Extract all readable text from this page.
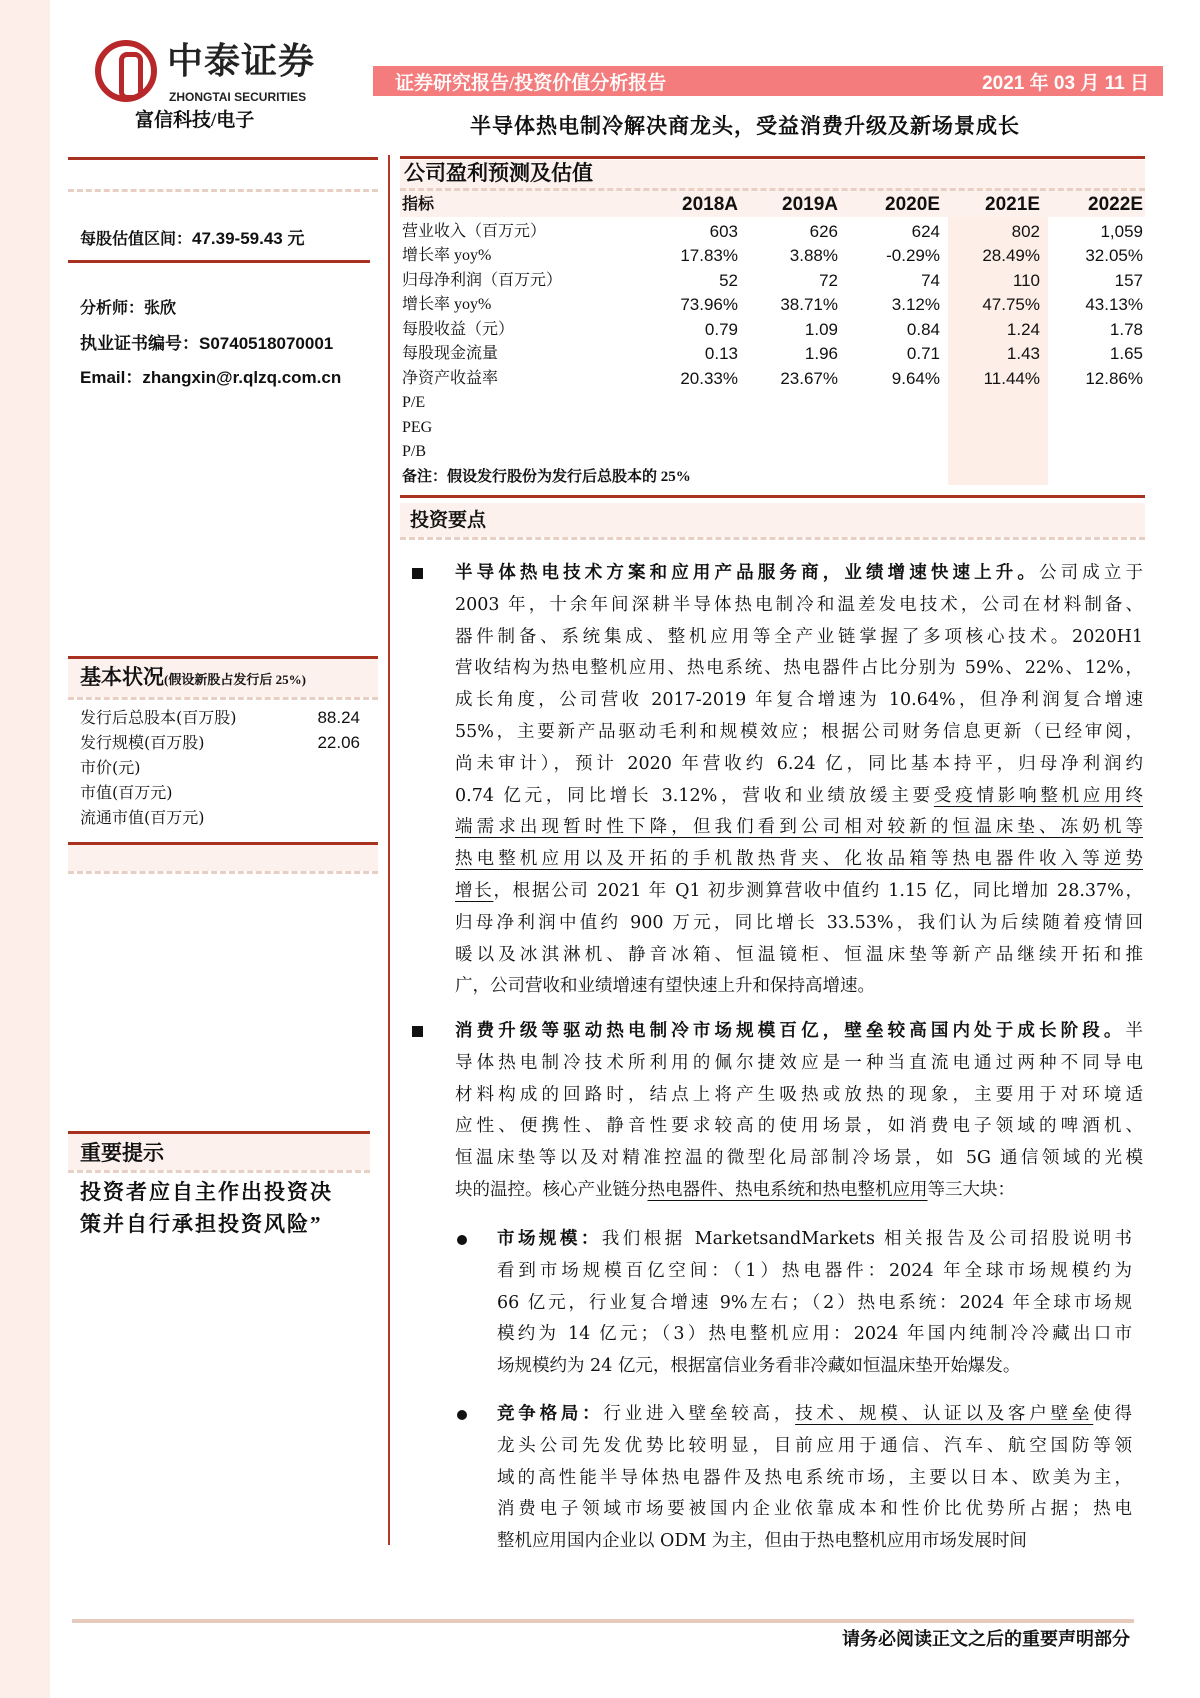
中泰证券
ZHONGTAI SECURITIES
证券研究报告/投资价值分析报告	2021 年 03 月 11 日
富信科技/电子	半导体热电制冷解决商龙头，受益消费升级及新场景成长
每股估值区间：47.39-59.43 元
分析师：张欣
执业证书编号：S0740518070001
Email：zhangxin@r.qlzq.com.cn
基本状况(假设新股占发行后 25%)
发行后总股本(百万股)	88.24
发行规模(百万股)	22.06
市价(元)
市值(百万元)
流通市值(百万元)
重要提示
投资者应自主作出投资决
策并自行承担投资风险”
公司盈利预测及估值
指标	2018A	2019A	2020E	2021E	2022E
营业收入（百万元）	603	626	624	802	1,059
增长率 yoy%	17.83%	3.88%	-0.29%	28.49%	32.05%
归母净利润（百万元）	52	72	74	110	157
增长率 yoy%	73.96%	38.71%	3.12%	47.75%	43.13%
每股收益（元）	0.79	1.09	0.84	1.24	1.78
每股现金流量	0.13	1.96	0.71	1.43	1.65
净资产收益率	20.33%	23.67%	9.64%	11.44%	12.86%
P/E
PEG
P/B
备注：假设发行股份为发行后总股本的 25%
投资要点
半导体热电技术方案和应用产品服务商，业绩增速快速上升。公司成立于
2003 年，十余年间深耕半导体热电制冷和温差发电技术，公司在材料制备、
器件制备、系统集成、整机应用等全产业链掌握了多项核心技术。2020H1
营收结构为热电整机应用、热电系统、热电器件占比分别为 59%、22%、12%，
成长角度，公司营收 2017-2019 年复合增速为 10.64%，但净利润复合增速
55%，主要新产品驱动毛利和规模效应；根据公司财务信息更新（已经审阅，
尚未审计），预计 2020 年营收约 6.24 亿，同比基本持平，归母净利润约
0.74 亿元，同比增长 3.12%，营收和业绩放缓主要受疫情影响整机应用终
端需求出现暂时性下降，但我们看到公司相对较新的恒温床垫、冻奶机等
热电整机应用以及开拓的手机散热背夹、化妆品箱等热电器件收入等逆势
增长，根据公司 2021 年 Q1 初步测算营收中值约 1.15 亿，同比增加 28.37%，
归母净利润中值约 900 万元，同比增长 33.53%，我们认为后续随着疫情回
暖以及冰淇淋机、静音冰箱、恒温镜柜、恒温床垫等新产品继续开拓和推
广，公司营收和业绩增速有望快速上升和保持高增速。
消费升级等驱动热电制冷市场规模百亿，壁垒较高国内处于成长阶段。半
导体热电制冷技术所利用的佩尔捷效应是一种当直流电通过两种不同导电
材料构成的回路时，结点上将产生吸热或放热的现象，主要用于对环境适
应性、便携性、静音性要求较高的使用场景，如消费电子领域的啤酒机、
恒温床垫等以及对精准控温的微型化局部制冷场景，如 5G 通信领域的光模
块的温控。核心产业链分热电器件、热电系统和热电整机应用等三大块：
市场规模：我们根据 MarketsandMarkets 相关报告及公司招股说明书
看到市场规模百亿空间：（1）热电器件：2024 年全球市场规模约为
66 亿元，行业复合增速 9%左右；（2）热电系统：2024 年全球市场规
模约为 14 亿元；（3）热电整机应用：2024 年国内纯制冷冷藏出口市
场规模约为 24 亿元，根据富信业务看非冷藏如恒温床垫开始爆发。
竞争格局：行业进入壁垒较高，技术、规模、认证以及客户壁垒使得
龙头公司先发优势比较明显，目前应用于通信、汽车、航空国防等领
域的高性能半导体热电器件及热电系统市场，主要以日本、欧美为主，
消费电子领域市场要被国内企业依靠成本和性价比优势所占据；热电
整机应用国内企业以 ODM 为主，但由于热电整机应用市场发展时间
请务必阅读正文之后的重要声明部分
